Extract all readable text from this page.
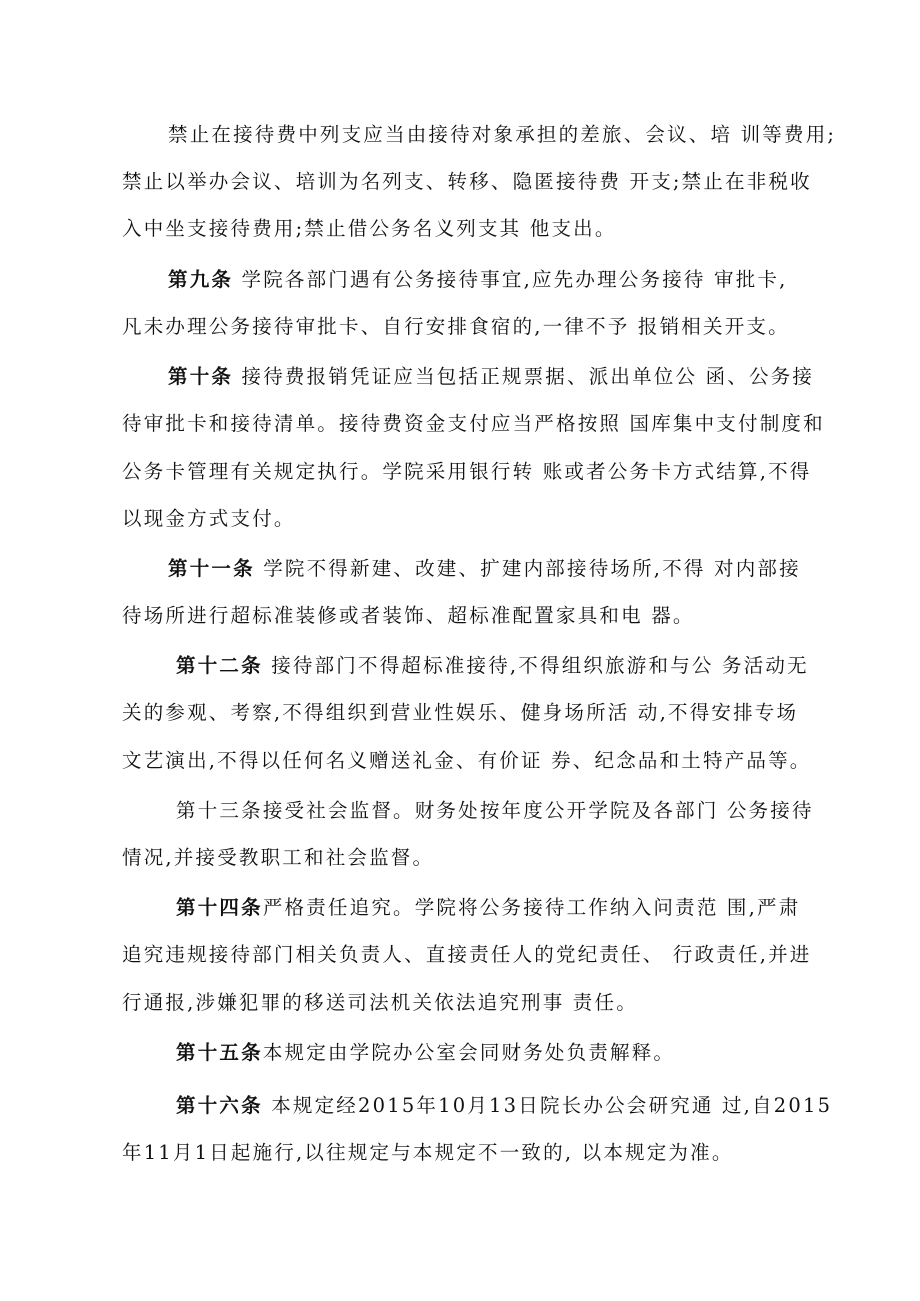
禁止在接待费中列支应当由接待对象承担的差旅、会议、培 训等费用;
禁止以举办会议、培训为名列支、转移、隐匿接待费 开支;禁止在非税收
入中坐支接待费用;禁止借公务名义列支其 他支出。
第九条 学院各部门遇有公务接待事宜,应先办理公务接待 审批卡,
凡未办理公务接待审批卡、自行安排食宿的,一律不予 报销相关开支。
第十条 接待费报销凭证应当包括正规票据、派出单位公 函、公务接
待审批卡和接待清单。接待费资金支付应当严格按照 国库集中支付制度和
公务卡管理有关规定执行。学院采用银行转 账或者公务卡方式结算,不得
以现金方式支付。
第十一条 学院不得新建、改建、扩建内部接待场所,不得 对内部接
待场所进行超标准装修或者装饰、超标准配置家具和电 器。
第十二条 接待部门不得超标准接待,不得组织旅游和与公 务活动无
关的参观、考察,不得组织到营业性娱乐、健身场所活 动,不得安排专场
文艺演出,不得以任何名义赠送礼金、有价证 券、纪念品和土特产品等。
第十三条接受社会监督。财务处按年度公开学院及各部门 公务接待
情况,并接受教职工和社会监督。
第十四条严格责任追究。学院将公务接待工作纳入问责范 围,严肃
追究违规接待部门相关负责人、直接责任人的党纪责任、 行政责任,并进
行通报,涉嫌犯罪的移送司法机关依法追究刑事 责任。
第十五条本规定由学院办公室会同财务处负责解释。
第十六条 本规定经2015年10月13日院长办公会研究通 过,自2015
年11月1日起施行,以往规定与本规定不一致的, 以本规定为准。
